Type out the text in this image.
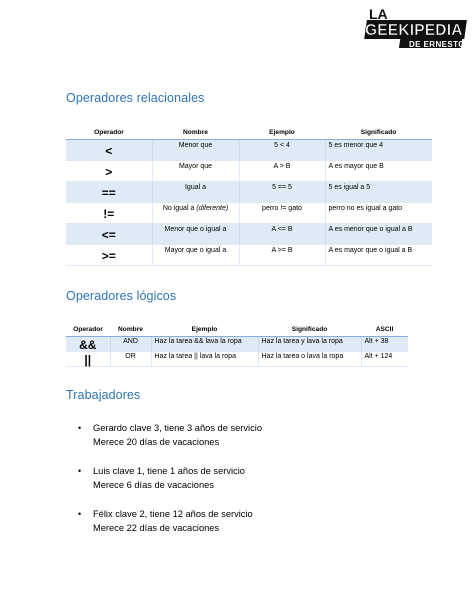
LA
GEEKIPEDIA
DE ERNESTO
Operadores relacionales
Operador	Nombre	Ejemplo	Significado
<	Menor que	5 < 4	5 es menor que 4
>	Mayor que	A > B	A es mayor que B
==	Igual a	5 == 5	5 es igual a 5
!=	No igual a (diferente)	perro != gato	perro no es igual a gato
<=	Menor que o igual a	A <= B	A es menor que o igual a B
>=	Mayor que o igual a	A >= B	A es mayor que o igual a B
Operadores lógicos
Operador	Nombre	Ejemplo	Significado	ASCII
&&	AND	Haz la tarea && lava la ropa	Haz la tarea y lava la ropa	Alt + 38
||	OR	Haz la tarea || lava la ropa	Haz la tarea o lava la ropa	Alt + 124
Trabajadores
•	Gerardo clave 3, tiene 3 años de servicio
Merece 20 días de vacaciones
•	Luis clave 1, tiene 1 años de servicio
Merece 6 días de vacaciones
•	Félix clave 2, tiene 12 años de servicio
Merece 22 días de vacaciones
